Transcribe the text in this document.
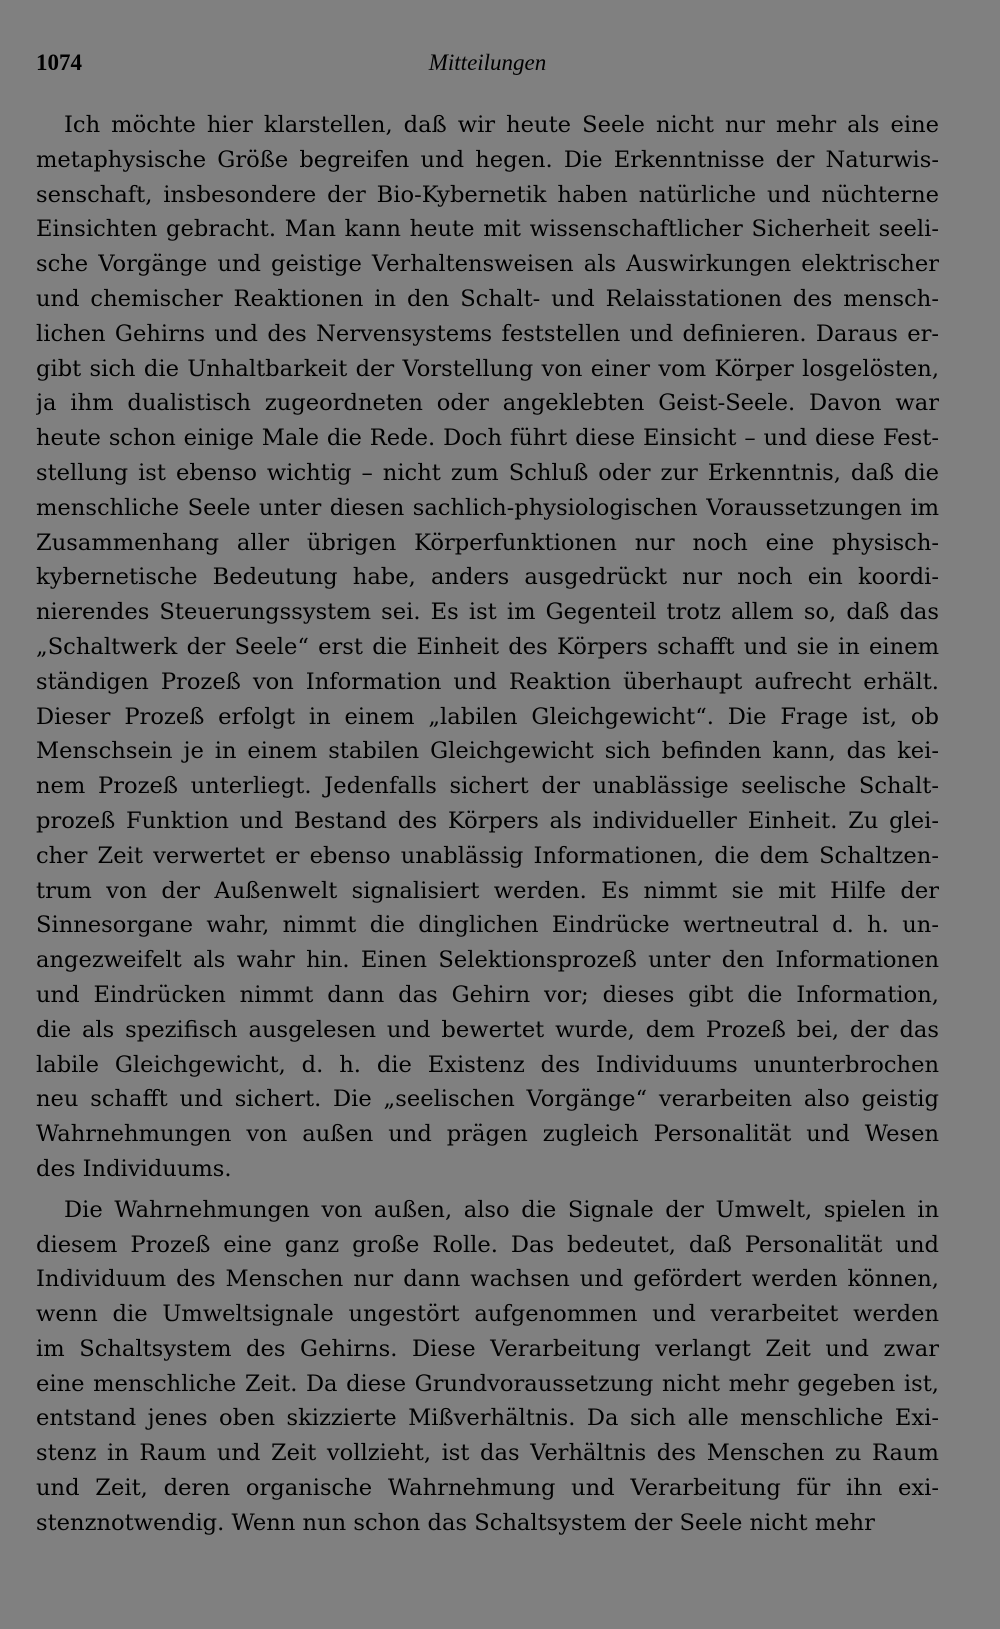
1074	Mitteilungen
Ich möchte hier klarstellen, daß wir heute Seele nicht nur mehr als eine
metaphysische Größe begreifen und hegen. Die Erkenntnisse der Naturwis-
senschaft, insbesondere der Bio-Kybernetik haben natürliche und nüchterne
Einsichten gebracht. Man kann heute mit wissenschaftlicher Sicherheit seeli-
sche Vorgänge und geistige Verhaltensweisen als Auswirkungen elektrischer
und chemischer Reaktionen in den Schalt- und Relaisstationen des mensch-
lichen Gehirns und des Nervensystems feststellen und definieren. Daraus er-
gibt sich die Unhaltbarkeit der Vorstellung von einer vom Körper losgelösten,
ja ihm dualistisch zugeordneten oder angeklebten Geist-Seele. Davon war
heute schon einige Male die Rede. Doch führt diese Einsicht – und diese Fest-
stellung ist ebenso wichtig – nicht zum Schluß oder zur Erkenntnis, daß die
menschliche Seele unter diesen sachlich-physiologischen Voraussetzungen im
Zusammenhang aller übrigen Körperfunktionen nur noch eine physisch-
kybernetische Bedeutung habe, anders ausgedrückt nur noch ein koordi-
nierendes Steuerungssystem sei. Es ist im Gegenteil trotz allem so, daß das
„Schaltwerk der Seele“ erst die Einheit des Körpers schafft und sie in einem
ständigen Prozeß von Information und Reaktion überhaupt aufrecht erhält.
Dieser Prozeß erfolgt in einem „labilen Gleichgewicht“. Die Frage ist, ob
Menschsein je in einem stabilen Gleichgewicht sich befinden kann, das kei-
nem Prozeß unterliegt. Jedenfalls sichert der unablässige seelische Schalt-
prozeß Funktion und Bestand des Körpers als individueller Einheit. Zu glei-
cher Zeit verwertet er ebenso unablässig Informationen, die dem Schaltzen-
trum von der Außenwelt signalisiert werden. Es nimmt sie mit Hilfe der
Sinnesorgane wahr, nimmt die dinglichen Eindrücke wertneutral d. h. un-
angezweifelt als wahr hin. Einen Selektionsprozeß unter den Informationen
und Eindrücken nimmt dann das Gehirn vor; dieses gibt die Information,
die als spezifisch ausgelesen und bewertet wurde, dem Prozeß bei, der das
labile Gleichgewicht, d. h. die Existenz des Individuums ununterbrochen
neu schafft und sichert. Die „seelischen Vorgänge“ verarbeiten also geistig
Wahrnehmungen von außen und prägen zugleich Personalität und Wesen
des Individuums.
Die Wahrnehmungen von außen, also die Signale der Umwelt, spielen in
diesem Prozeß eine ganz große Rolle. Das bedeutet, daß Personalität und
Individuum des Menschen nur dann wachsen und gefördert werden können,
wenn die Umweltsignale ungestört aufgenommen und verarbeitet werden
im Schaltsystem des Gehirns. Diese Verarbeitung verlangt Zeit und zwar
eine menschliche Zeit. Da diese Grundvoraussetzung nicht mehr gegeben ist,
entstand jenes oben skizzierte Mißverhältnis. Da sich alle menschliche Exi-
stenz in Raum und Zeit vollzieht, ist das Verhältnis des Menschen zu Raum
und Zeit, deren organische Wahrnehmung und Verarbeitung für ihn exi-
stenznotwendig. Wenn nun schon das Schaltsystem der Seele nicht mehr
